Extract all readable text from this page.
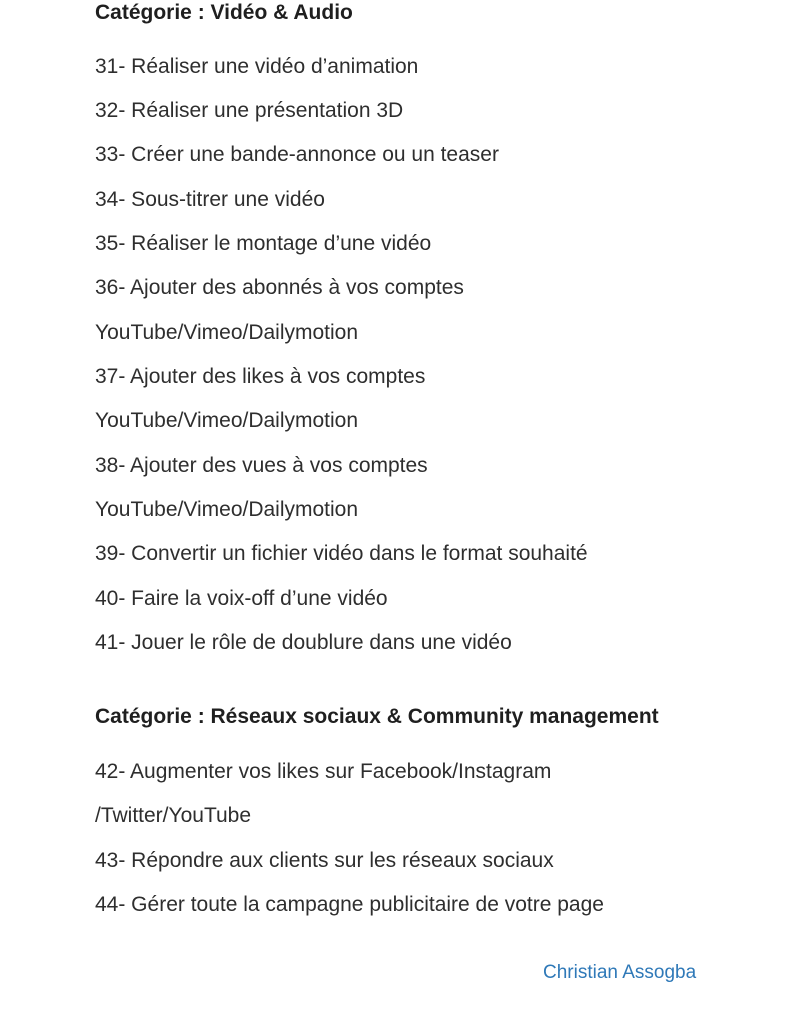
Catégorie : Vidéo & Audio

31- Réaliser une vidéo d’animation

32- Réaliser une présentation 3D

33- Créer une bande-annonce ou un teaser

34- Sous-titrer une vidéo

35- Réaliser le montage d’une vidéo

36- Ajouter des abonnés à vos comptes

YouTube/Vimeo/Dailymotion

37- Ajouter des likes à vos comptes

YouTube/Vimeo/Dailymotion

38- Ajouter des vues à vos comptes

YouTube/Vimeo/Dailymotion

39- Convertir un fichier vidéo dans le format souhaité

40- Faire la voix-off d’une vidéo

41- Jouer le rôle de doublure dans une vidéo

Catégorie : Réseaux sociaux & Community management

42- Augmenter vos likes sur Facebook/Instagram

/Twitter/YouTube

43- Répondre aux clients sur les réseaux sociaux

44- Gérer toute la campagne publicitaire de votre page

Christian Assogba
